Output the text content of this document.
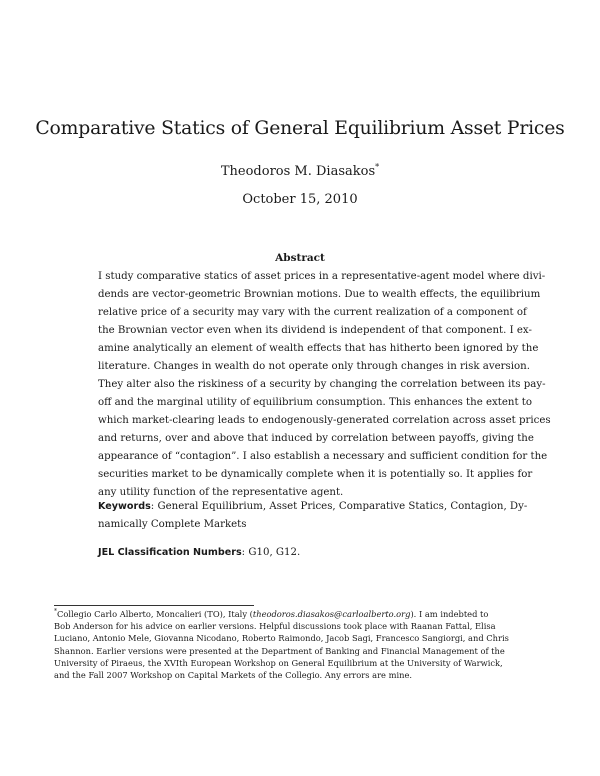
Comparative Statics of General Equilibrium Asset Prices
Theodoros M. Diasakos*
October 15, 2010
Abstract
I study comparative statics of asset prices in a representative-agent model where divi-
dends are vector-geometric Brownian motions. Due to wealth effects, the equilibrium
relative price of a security may vary with the current realization of a component of
the Brownian vector even when its dividend is independent of that component. I ex-
amine analytically an element of wealth effects that has hitherto been ignored by the
literature. Changes in wealth do not operate only through changes in risk aversion.
They alter also the riskiness of a security by changing the correlation between its pay-
off and the marginal utility of equilibrium consumption. This enhances the extent to
which market-clearing leads to endogenously-generated correlation across asset prices
and returns, over and above that induced by correlation between payoffs, giving the
appearance of “contagion”. I also establish a necessary and sufficient condition for the
securities market to be dynamically complete when it is potentially so. It applies for
any utility function of the representative agent.
Keywords: General Equilibrium, Asset Prices, Comparative Statics, Contagion, Dy-
namically Complete Markets
JEL Classification Numbers: G10, G12.
*Collegio Carlo Alberto, Moncalieri (TO), Italy (theodoros.diasakos@carloalberto.org). I am indebted to
Bob Anderson for his advice on earlier versions. Helpful discussions took place with Raanan Fattal, Elisa
Luciano, Antonio Mele, Giovanna Nicodano, Roberto Raimondo, Jacob Sagi, Francesco Sangiorgi, and Chris
Shannon. Earlier versions were presented at the Department of Banking and Financial Management of the
University of Piraeus, the XVIth European Workshop on General Equilibrium at the University of Warwick,
and the Fall 2007 Workshop on Capital Markets of the Collegio. Any errors are mine.
